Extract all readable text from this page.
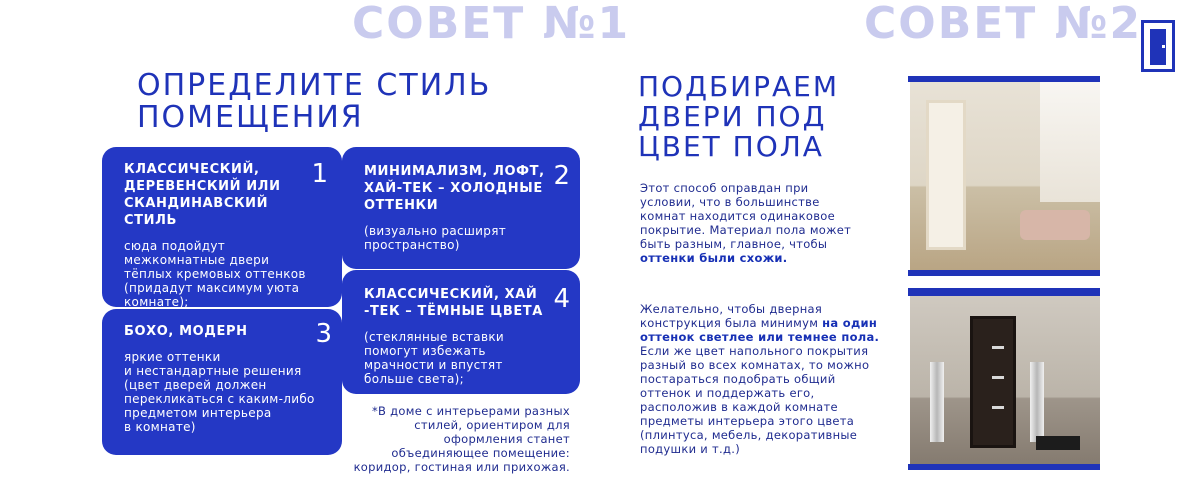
СОВЕТ №1	СОВЕТ №2
ОПРЕДЕЛИТЕ СТИЛЬ
ПОМЕЩЕНИЯ
1
КЛАССИЧЕСКИЙ,
ДЕРЕВЕНСКИЙ ИЛИ
СКАНДИНАВСКИЙ СТИЛЬ
сюда подойдут
межкомнатные двери
тёплых кремовых оттенков
(придадут максимум уюта
комнате);
2
МИНИМАЛИЗМ, ЛОФТ,
ХАЙ-ТЕК – ХОЛОДНЫЕ
ОТТЕНКИ
(визуально расширят
пространство)
3
БОХО, МОДЕРН
яркие оттенки
и нестандартные решения
(цвет дверей должен
перекликаться с каким-либо
предметом интерьера
в комнате)
4
КЛАССИЧЕСКИЙ, ХАЙ
-ТЕК – ТЁМНЫЕ ЦВЕТА
(стеклянные вставки
помогут избежать
мрачности и впустят
больше света);
*В доме с интерьерами разных
стилей, ориентиром для
оформления станет
объединяющее помещение:
коридор, гостиная или прихожая.
ПОДБИРАЕМ
ДВЕРИ ПОД
ЦВЕТ ПОЛА
Этот способ оправдан при
условии, что в большинстве
комнат находится одинаковое
покрытие. Материал пола может
быть разным, главное, чтобы
оттенки были схожи.
Желательно, чтобы дверная
конструкция была минимум на один
оттенок светлее или темнее пола.
Если же цвет напольного покрытия
разный во всех комнатах, то можно
постараться подобрать общий
оттенок и поддержать его,
расположив в каждой комнате
предметы интерьера этого цвета
(плинтуса, мебель, декоративные
подушки и т.д.)
